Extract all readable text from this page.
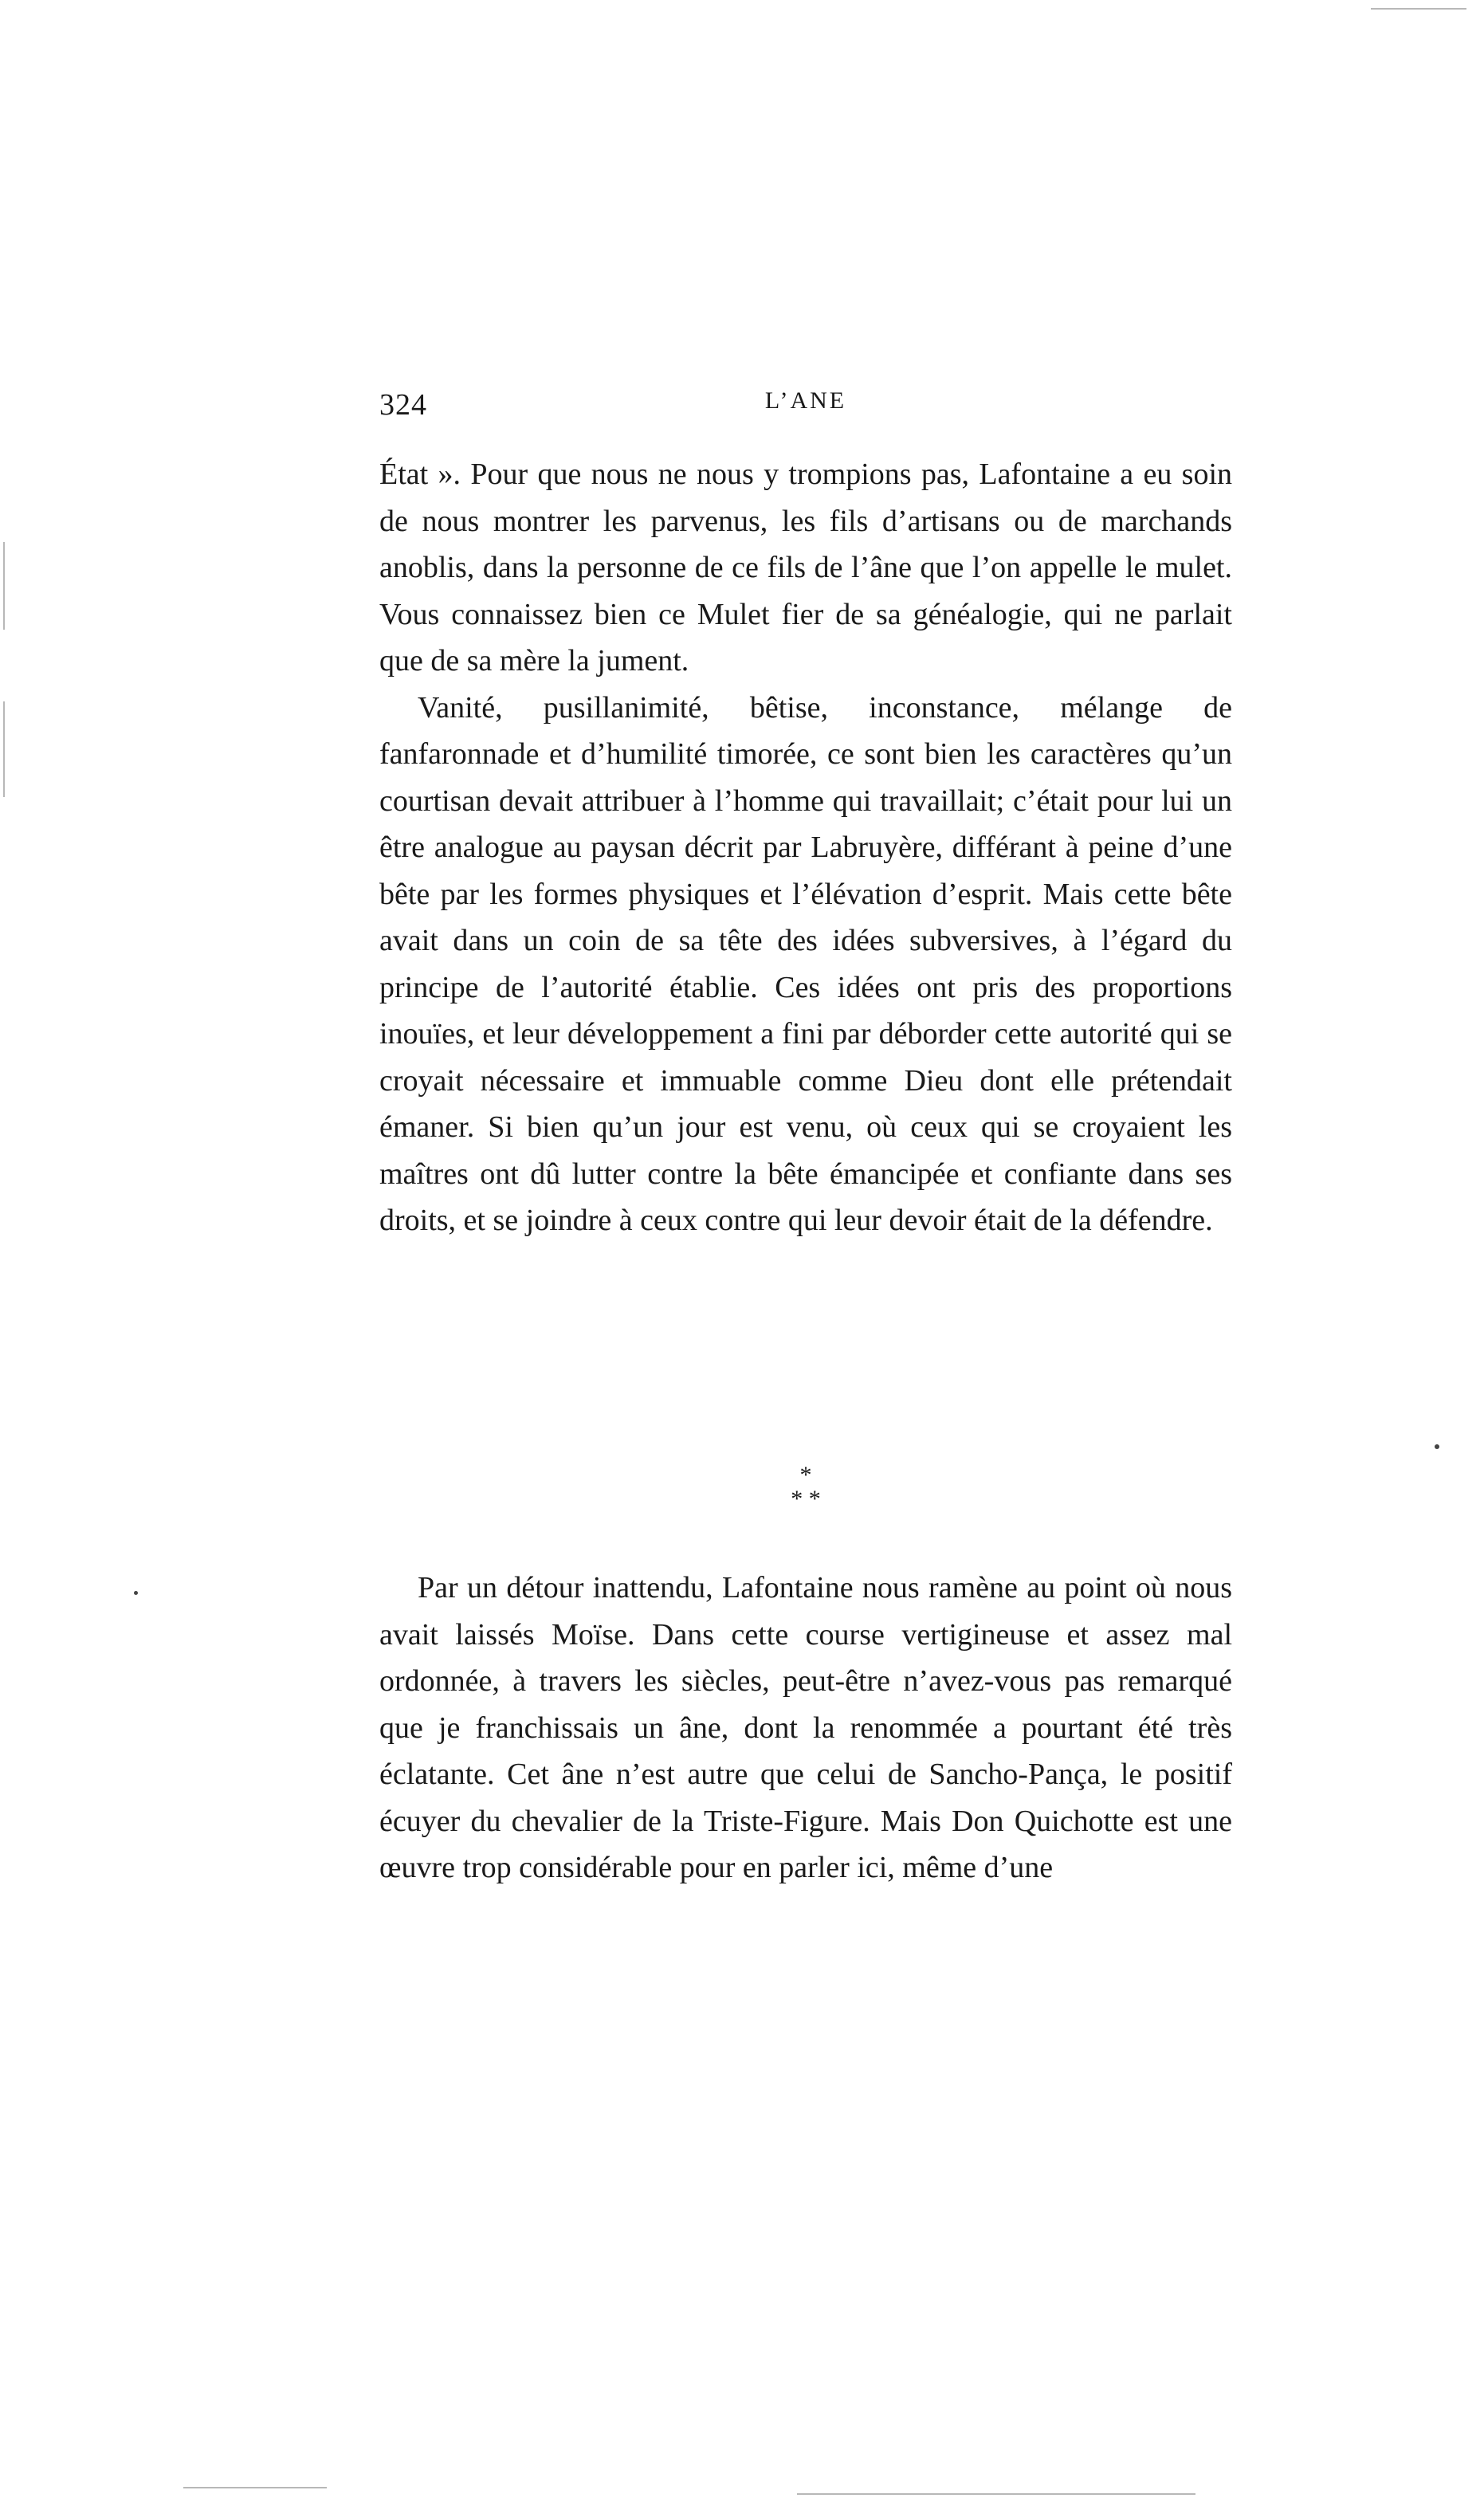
324	L’ANE

État ». Pour que nous ne nous y trompions pas, Lafontaine a eu soin de nous montrer les parvenus, les fils d’artisans ou de marchands anoblis, dans la personne de ce fils de l’âne que l’on appelle le mulet. Vous connaissez bien ce Mulet fier de sa généalogie, qui ne parlait que de sa mère la jument.

Vanité, pusillanimité, bêtise, inconstance, mélange de fanfaronnade et d’humilité timorée, ce sont bien les caractères qu’un courtisan devait attribuer à l’homme qui travaillait; c’était pour lui un être analogue au paysan décrit par Labruyère, différant à peine d’une bête par les formes physiques et l’élévation d’esprit. Mais cette bête avait dans un coin de sa tête des idées subversives, à l’égard du principe de l’autorité établie. Ces idées ont pris des proportions inouïes, et leur développement a fini par déborder cette autorité qui se croyait nécessaire et immuable comme Dieu dont elle prétendait émaner. Si bien qu’un jour est venu, où ceux qui se croyaient les maîtres ont dû lutter contre la bête émancipée et confiante dans ses droits, et se joindre à ceux contre qui leur devoir était de la défendre.

*
* *

Par un détour inattendu, Lafontaine nous ramène au point où nous avait laissés Moïse. Dans cette course vertigineuse et assez mal ordonnée, à travers les siècles, peut-être n’avez-vous pas remarqué que je franchissais un âne, dont la renommée a pourtant été très éclatante. Cet âne n’est autre que celui de Sancho-Pança, le positif écuyer du chevalier de la Triste-Figure. Mais Don Quichotte est une œuvre trop considérable pour en parler ici, même d’une
